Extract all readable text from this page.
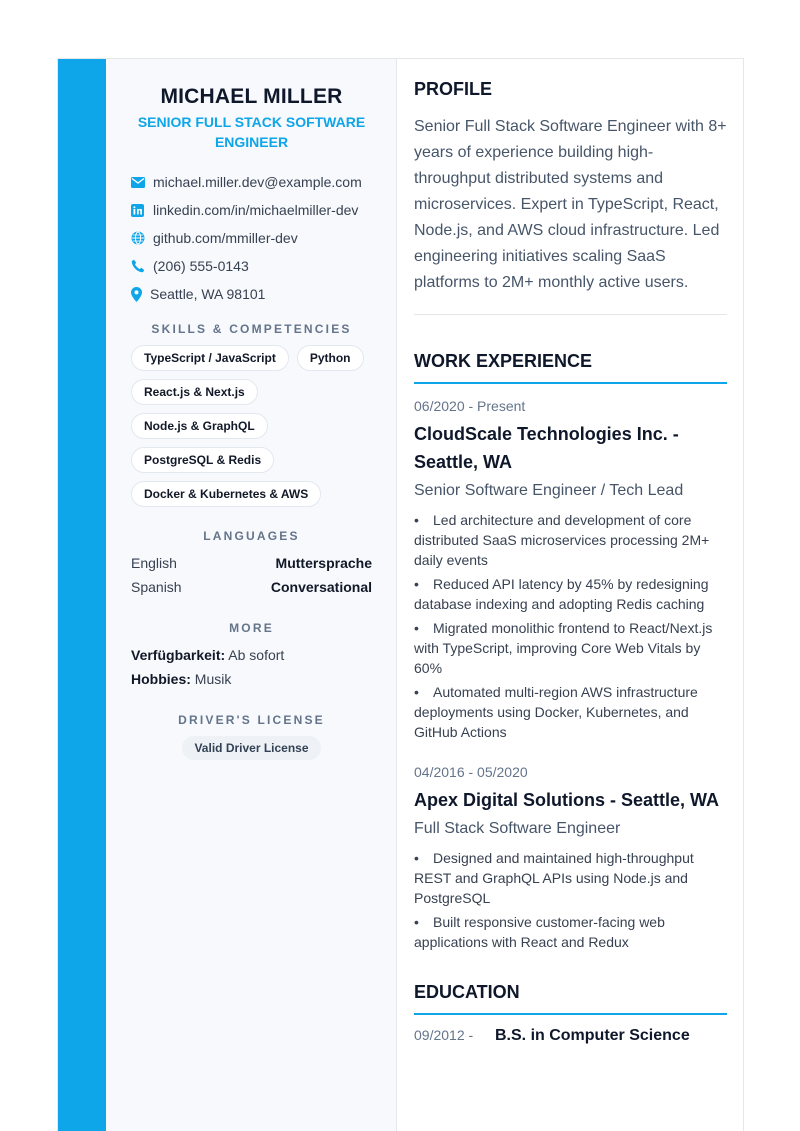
MICHAEL MILLER
SENIOR FULL STACK SOFTWARE ENGINEER
michael.miller.dev@example.com
linkedin.com/in/michaelmiller-dev
github.com/mmiller-dev
(206) 555-0143
Seattle, WA 98101
SKILLS & COMPETENCIES
TypeScript / JavaScript	Python
React.js & Next.js
Node.js & GraphQL
PostgreSQL & Redis
Docker & Kubernetes & AWS
LANGUAGES
English	Muttersprache
Spanish	Conversational
MORE
Verfügbarkeit: Ab sofort
Hobbies: Musik
DRIVER'S LICENSE
Valid Driver License
PROFILE

Senior Full Stack Software Engineer with 8+ years of experience building high-throughput distributed systems and microservices. Expert in TypeScript, React, Node.js, and AWS cloud infrastructure. Led engineering initiatives scaling SaaS platforms to 2M+ monthly active users.

WORK EXPERIENCE
06/2020 - Present
CloudScale Technologies Inc. - Seattle, WA
Senior Software Engineer / Tech Lead
• Led architecture and development of core distributed SaaS microservices processing 2M+ daily events
• Reduced API latency by 45% by redesigning database indexing and adopting Redis caching
• Migrated monolithic frontend to React/Next.js with TypeScript, improving Core Web Vitals by 60%
• Automated multi-region AWS infrastructure deployments using Docker, Kubernetes, and GitHub Actions
04/2016 - 05/2020
Apex Digital Solutions - Seattle, WA
Full Stack Software Engineer
• Designed and maintained high-throughput REST and GraphQL APIs using Node.js and PostgreSQL
• Built responsive customer-facing web applications with React and Redux
EDUCATION
09/2012 -	B.S. in Computer Science
